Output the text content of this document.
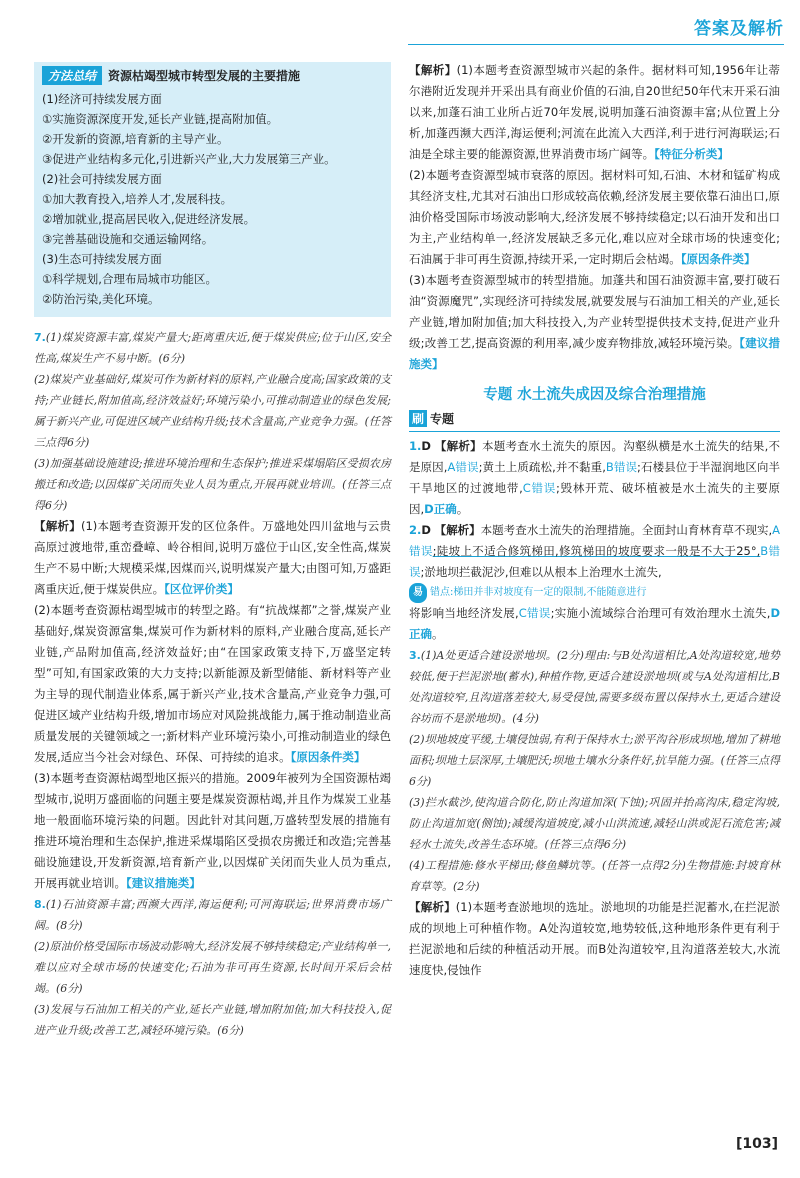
答案及解析
方法总结 资源枯竭型城市转型发展的主要措施

(1)经济可持续发展方面

①实施资源深度开发,延长产业链,提高附加值。

②开发新的资源,培育新的主导产业。

③促进产业结构多元化,引进新兴产业,大力发展第三产业。

(2)社会可持续发展方面

①加大教育投入,培养人才,发展科技。

②增加就业,提高居民收入,促进经济发展。

③完善基础设施和交通运输网络。

(3)生态可持续发展方面

①科学规划,合理布局城市功能区。

②防治污染,美化环境。

7.(1)煤炭资源丰富,煤炭产量大;距离重庆近,便于煤炭供应;位于山区,安全性高,煤炭生产不易中断。(6分)

(2)煤炭产业基础好,煤炭可作为新材料的原料,产业融合度高;国家政策的支持;产业链长,附加值高,经济效益好;环境污染小,可推动制造业的绿色发展;属于新兴产业,可促进区域产业结构升级;技术含量高,产业竞争力强。(任答三点得6分)

(3)加强基础设施建设;推进环境治理和生态保护;推进采煤塌陷区受损农房搬迁和改造;以因煤矿关闭而失业人员为重点,开展再就业培训。(任答三点得6分)

【解析】(1)本题考查资源开发的区位条件。万盛地处四川盆地与云贵高原过渡地带,重峦叠嶂、岭谷相间,说明万盛位于山区,安全性高,煤炭生产不易中断;大规模采煤,因煤而兴,说明煤炭产量大;由图可知,万盛距离重庆近,便于煤炭供应。【区位评价类】

(2)本题考查资源枯竭型城市的转型之路。有“抗战煤都”之誉,煤炭产业基础好,煤炭资源富集,煤炭可作为新材料的原料,产业融合度高,延长产业链,产品附加值高,经济效益好;由“在国家政策支持下,万盛坚定转型”可知,有国家政策的大力支持;以新能源及新型储能、新材料等产业为主导的现代制造业体系,属于新兴产业,技术含量高,产业竞争力强,可促进区域产业结构升级,增加市场应对风险挑战能力,属于推动制造业高质量发展的关键领域之一;新材料产业环境污染小,可推动制造业的绿色发展,适应当今社会对绿色、环保、可持续的追求。【原因条件类】

(3)本题考查资源枯竭型地区振兴的措施。2009年被列为全国资源枯竭型城市,说明万盛面临的问题主要是煤炭资源枯竭,并且作为煤炭工业基地一般面临环境污染的问题。因此针对其问题,万盛转型发展的措施有推进环境治理和生态保护,推进采煤塌陷区受损农房搬迁和改造;完善基础设施建设,开发新资源,培育新产业,以因煤矿关闭而失业人员为重点,开展再就业培训。【建议措施类】

8.(1)石油资源丰富;西濒大西洋,海运便利;可河海联运;世界消费市场广阔。(8分)

(2)原油价格受国际市场波动影响大,经济发展不够持续稳定;产业结构单一,难以应对全球市场的快速变化;石油为非可再生资源,长时间开采后会枯竭。(6分)

(3)发展与石油加工相关的产业,延长产业链,增加附加值;加大科技投入,促进产业升级;改善工艺,减轻环境污染。(6分)

【解析】(1)本题考查资源型城市兴起的条件。据材料可知,1956年让蒂尔港附近发现并开采出具有商业价值的石油,自20世纪50年代末开采石油以来,加蓬石油工业所占近70年发展,说明加蓬石油资源丰富;从位置上分析,加蓬西濒大西洋,海运便利;河流在此流入大西洋,利于进行河海联运;石油是全球主要的能源资源,世界消费市场广阔等。【特征分析类】

(2)本题考查资源型城市衰落的原因。据材料可知,石油、木材和锰矿构成其经济支柱,尤其对石油出口形成较高依赖,经济发展主要依靠石油出口,原油价格受国际市场波动影响大,经济发展不够持续稳定;以石油开发和出口为主,产业结构单一,经济发展缺乏多元化,难以应对全球市场的快速变化;石油属于非可再生资源,持续开采,一定时期后会枯竭。【原因条件类】

(3)本题考查资源型城市的转型措施。加蓬共和国石油资源丰富,要打破石油“资源魔咒”,实现经济可持续发展,就要发展与石油加工相关的产业,延长产业链,增加附加值;加大科技投入,为产业转型提供技术支持,促进产业升级;改善工艺,提高资源的利用率,减少废弃物排放,减轻环境污染。【建议措施类】

专题 水土流失成因及综合治理措施
刷 专题

1.D 【解析】本题考查水土流失的原因。沟壑纵横是水土流失的结果,不是原因,A错误;黄土上质疏松,并不黏重,B错误;石楼县位于半湿润地区向半干旱地区的过渡地带,C错误;毁林开荒、破坏植被是水土流失的主要原因,D正确。

2.D 【解析】本题考查水土流失的治理措施。全面封山育林育草不现实,A错误;陡坡上不适合修筑梯田,修筑梯田的坡度要求一般是不大于25°,B错误;淤地坝拦截泥沙,但难以从根本上治理水土流失,

易 错点:梯田并非对坡度有一定的限制,不能随意进行

将影响当地经济发展,C错误;实施小流域综合治理可有效治理水土流失,D正确。

3.(1)A处更适合建设淤地坝。(2分)理由:与B处沟道相比,A处沟道较宽,地势较低,便于拦泥淤地(蓄水),种植作物,更适合建设淤地坝(或与A处沟道相比,B处沟道较窄,且沟道落差较大,易受侵蚀,需要多级布置以保持水土,更适合建设谷坊而不是淤地坝)。(4分)

(2)坝地坡度平缓,土壤侵蚀弱,有利于保持水土;淤平沟谷形成坝地,增加了耕地面积;坝地土层深厚,土壤肥沃;坝地土壤水分条件好,抗旱能力强。(任答三点得6分)

(3)拦水截沙,使沟道合防化,防止沟道加深(下蚀);巩固并抬高沟床,稳定沟坡,防止沟道加宽(侧蚀);减缓沟道坡度,减小山洪流速,减轻山洪或泥石流危害;减轻水土流失,改善生态环境。(任答三点得6分)

(4)工程措施:修水平梯田;修鱼鳞坑等。(任答一点得2分)生物措施:封坡育林育草等。(2分)

【解析】(1)本题考查淤地坝的选址。淤地坝的功能是拦泥蓄水,在拦泥淤成的坝地上可种植作物。A处沟道较宽,地势较低,这种地形条件更有利于拦泥淤地和后续的种植活动开展。而B处沟道较窄,且沟道落差较大,水流速度快,侵蚀作

[103]
